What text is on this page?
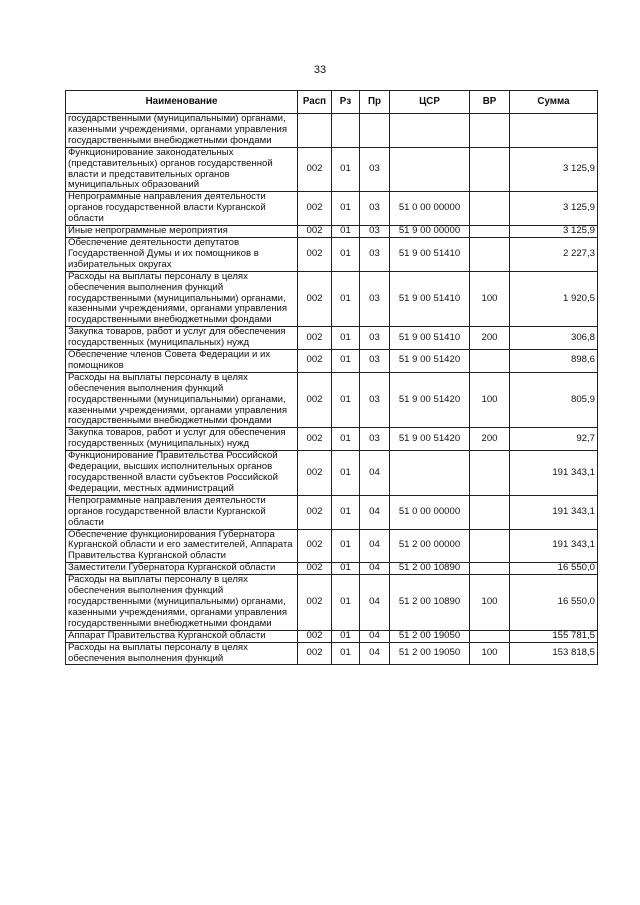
33
Наименование	Расп	Рз	Пр	ЦСР	ВР	Сумма
государственными (муниципальными) органами, казенными учреждениями, органами управления государственными внебюджетными фондами						
Функционирование законодательных (представительных) органов государственной власти и представительных органов муниципальных образований	002	01	03			3 125,9
Непрограммные направления деятельности органов государственной власти Курганской области	002	01	03	51 0 00 00000		3 125,9
Иные непрограммные мероприятия	002	01	03	51 9 00 00000		3 125,9
Обеспечение деятельности депутатов Государственной Думы и их помощников в избирательных округах	002	01	03	51 9 00 51410		2 227,3
Расходы на выплаты персоналу в целях обеспечения выполнения функций государственными (муниципальными) органами, казенными учреждениями, органами управления государственными внебюджетными фондами	002	01	03	51 9 00 51410	100	1 920,5
Закупка товаров, работ и услуг для обеспечения государственных (муниципальных) нужд	002	01	03	51 9 00 51410	200	306,8
Обеспечение членов Совета Федерации и их помощников	002	01	03	51 9 00 51420		898,6
Расходы на выплаты персоналу в целях обеспечения выполнения функций государственными (муниципальными) органами, казенными учреждениями, органами управления государственными внебюджетными фондами	002	01	03	51 9 00 51420	100	805,9
Закупка товаров, работ и услуг для обеспечения государственных (муниципальных) нужд	002	01	03	51 9 00 51420	200	92,7
Функционирование Правительства Российской Федерации, высших исполнительных органов государственной власти субъектов Российской Федерации, местных администраций	002	01	04			191 343,1
Непрограммные направления деятельности органов государственной власти Курганской области	002	01	04	51 0 00 00000		191 343,1
Обеспечение функционирования Губернатора Курганской области и его заместителей, Аппарата Правительства Курганской области	002	01	04	51 2 00 00000		191 343,1
Заместители Губернатора Курганской области	002	01	04	51 2 00 10890		16 550,0
Расходы на выплаты персоналу в целях обеспечения выполнения функций государственными (муниципальными) органами, казенными учреждениями, органами управления государственными внебюджетными фондами	002	01	04	51 2 00 10890	100	16 550,0
Аппарат Правительства Курганской области	002	01	04	51 2 00 19050		155 781,5
Расходы на выплаты персоналу в целях обеспечения выполнения функций	002	01	04	51 2 00 19050	100	153 818,5
